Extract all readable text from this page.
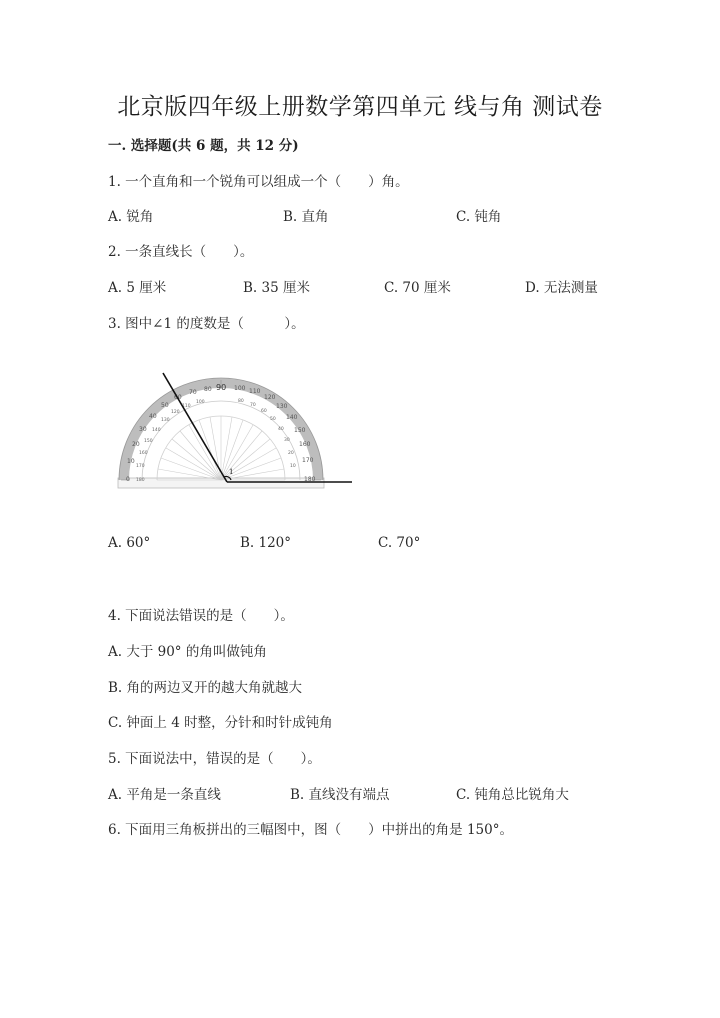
北京版四年级上册数学第四单元 线与角 测试卷
一. 选择题(共 6 题，共 12 分)
1. 一个直角和一个锐角可以组成一个（　　）角。
A. 锐角	B. 直角	C. 钝角
2. 一条直线长（　　）。
A. 5 厘米	B. 35 厘米	C. 70 厘米	D. 无法测量
3. 图中∠1 的度数是（　　　）。
0
10
20
30
40
50
60
70 80 90 100 110
120
130
140
150
160
170
180
180
170
160
150
140
130
120
110
100	80
70
60
50
40
30
20
10
1
A. 60°	B. 120°	C. 70°
4. 下面说法错误的是（　　）。
A. 大于 90° 的角叫做钝角
B. 角的两边叉开的越大角就越大
C. 钟面上 4 时整，分针和时针成钝角
5. 下面说法中，错误的是（　　）。
A. 平角是一条直线	B. 直线没有端点	C. 钝角总比锐角大
6. 下面用三角板拼出的三幅图中，图（　　）中拼出的角是 150°。
